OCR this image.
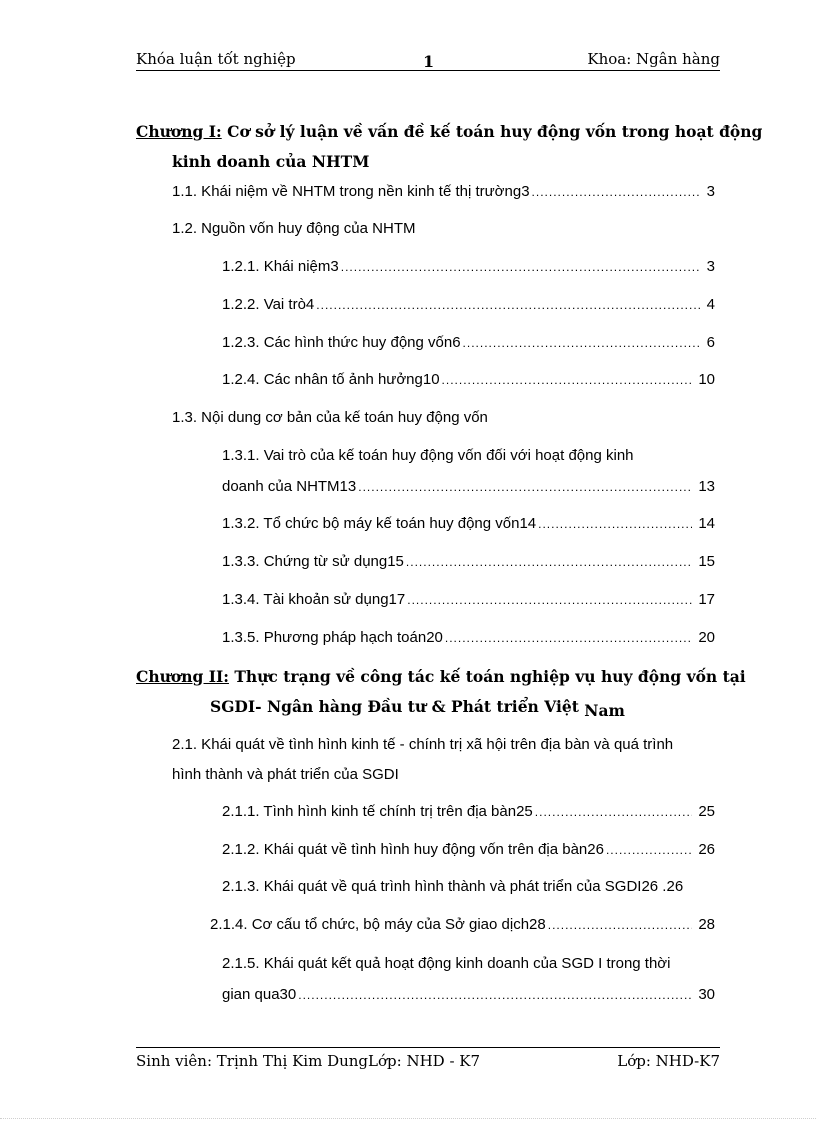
Khóa luận tốt nghiệp	1	Khoa: Ngân hàng
Chương I: Cơ sở lý luận về vấn đề kế toán huy động vốn trong hoạt động
kinh doanh của NHTM
1.1. Khái niệm về NHTM trong nền kinh tế thị trường3 .....	3
1.2. Nguồn vốn huy động của NHTM
1.2.1. Khái niệm3 .....	3
1.2.2. Vai trò4 .....	4
1.2.3. Các hình thức huy động vốn6 .....	6
1.2.4. Các nhân tố ảnh hưởng10 .....	10
1.3. Nội dung cơ bản của kế toán huy động vốn
1.3.1. Vai trò của kế toán huy động vốn đối với hoạt động kinh
doanh của NHTM13 .....	13
1.3.2. Tổ chức bộ máy kế toán huy động vốn14 .....	14
1.3.3. Chứng từ sử dụng15 .....	15
1.3.4. Tài khoản sử dụng17 .....	17
1.3.5. Phương pháp hạch toán20 .....	20
Chương II: Thực trạng về công tác kế toán nghiệp vụ huy động vốn tại
SGDI- Ngân hàng Đầu tư & Phát triển Việt Nam
2.1. Khái quát về tình hình kinh tế - chính trị xã hội trên địa bàn và quá trình
hình thành và phát triển của SGDI
2.1.1. Tình hình kinh tế chính trị trên địa bàn25 .....	25
2.1.2. Khái quát về tình hình huy động vốn trên địa bàn26 .....	26
2.1.3. Khái quát về quá trình hình thành và phát triển của SGDI26 .26
2.1.4. Cơ cấu tổ chức, bộ máy của Sở giao dịch28 .....	28
2.1.5. Khái quát kết quả hoạt động kinh doanh của SGD I trong thời
gian qua30 .....	30
Sinh viên: Trịnh Thị Kim DungLớp: NHD - K7	Lớp: NHD-K7
